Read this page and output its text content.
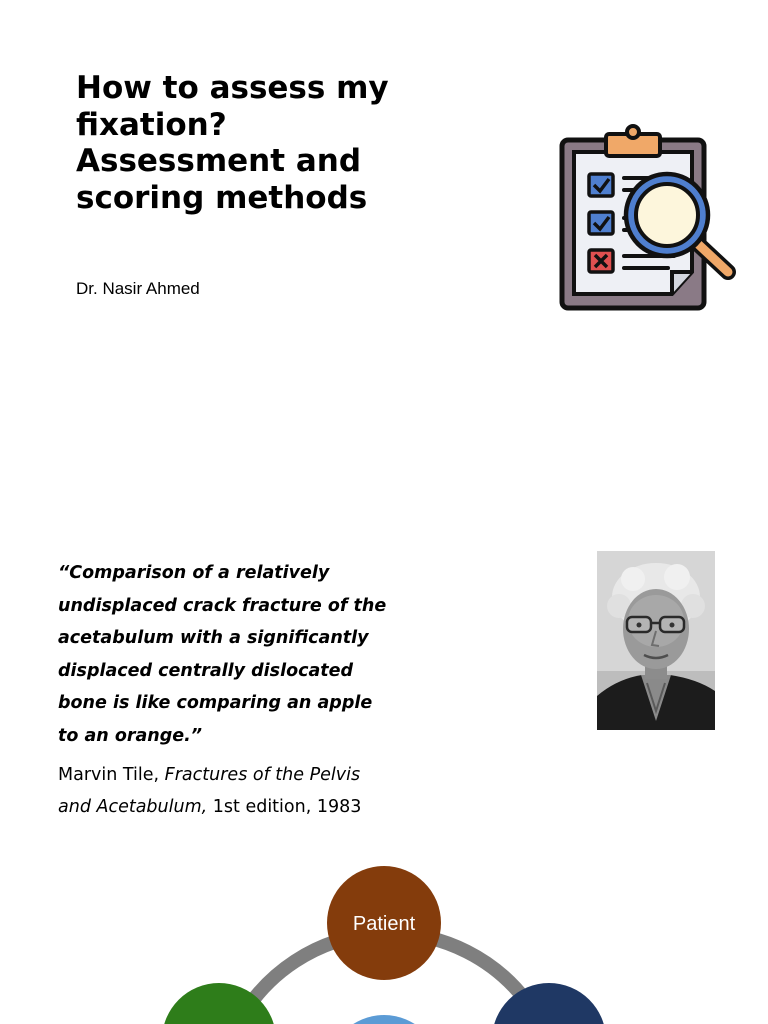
How to assess my
fixation?
Assessment and
scoring methods
Dr. Nasir Ahmed
“Comparison of a relatively
undisplaced crack fracture of the
acetabulum with a significantly
displaced centrally dislocated
bone is like comparing an apple
to an orange.”
Marvin Tile, Fractures of the Pelvis
and Acetabulum, 1st edition, 1983
Patient
